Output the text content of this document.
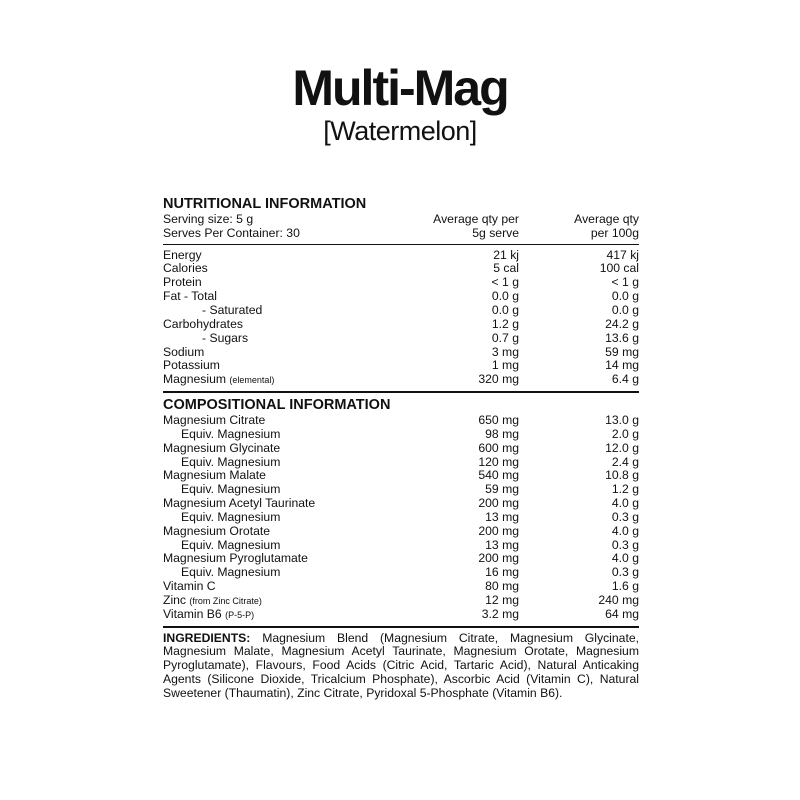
Multi-Mag
[Watermelon]
NUTRITIONAL INFORMATION
Serving size: 5 g
Serves Per Container: 30
Average qty per
5g serve
Average qty
per 100g
Energy	21 kj	417 kj
Calories	5 cal	100 cal
Protein	< 1 g	< 1 g
Fat - Total	0.0 g	0.0 g
- Saturated	0.0 g	0.0 g
Carbohydrates	1.2 g	24.2 g
- Sugars	0.7 g	13.6 g
Sodium	3 mg	59 mg
Potassium	1 mg	14 mg
Magnesium (elemental)	320 mg	6.4 g
COMPOSITIONAL INFORMATION
Magnesium Citrate	650 mg	13.0 g
Equiv. Magnesium	98 mg	2.0 g
Magnesium Glycinate	600 mg	12.0 g
Equiv. Magnesium	120 mg	2.4 g
Magnesium Malate	540 mg	10.8 g
Equiv. Magnesium	59 mg	1.2 g
Magnesium Acetyl Taurinate	200 mg	4.0 g
Equiv. Magnesium	13 mg	0.3 g
Magnesium Orotate	200 mg	4.0 g
Equiv. Magnesium	13 mg	0.3 g
Magnesium Pyroglutamate	200 mg	4.0 g
Equiv. Magnesium	16 mg	0.3 g
Vitamin C	80 mg	1.6 g
Zinc (from Zinc Citrate)	12 mg	240 mg
Vitamin B6 (P-5-P)	3.2 mg	64 mg
INGREDIENTS: Magnesium Blend (Magnesium Citrate, Magnesium Glycinate, Magnesium Malate, Magnesium Acetyl Taurinate, Magnesium Orotate, Magnesium Pyroglutamate), Flavours, Food Acids (Citric Acid, Tartaric Acid), Natural Anticaking Agents (Silicone Dioxide, Tricalcium Phosphate), Ascorbic Acid (Vitamin C), Natural Sweetener (Thaumatin), Zinc Citrate, Pyridoxal 5-Phosphate (Vitamin B6).
